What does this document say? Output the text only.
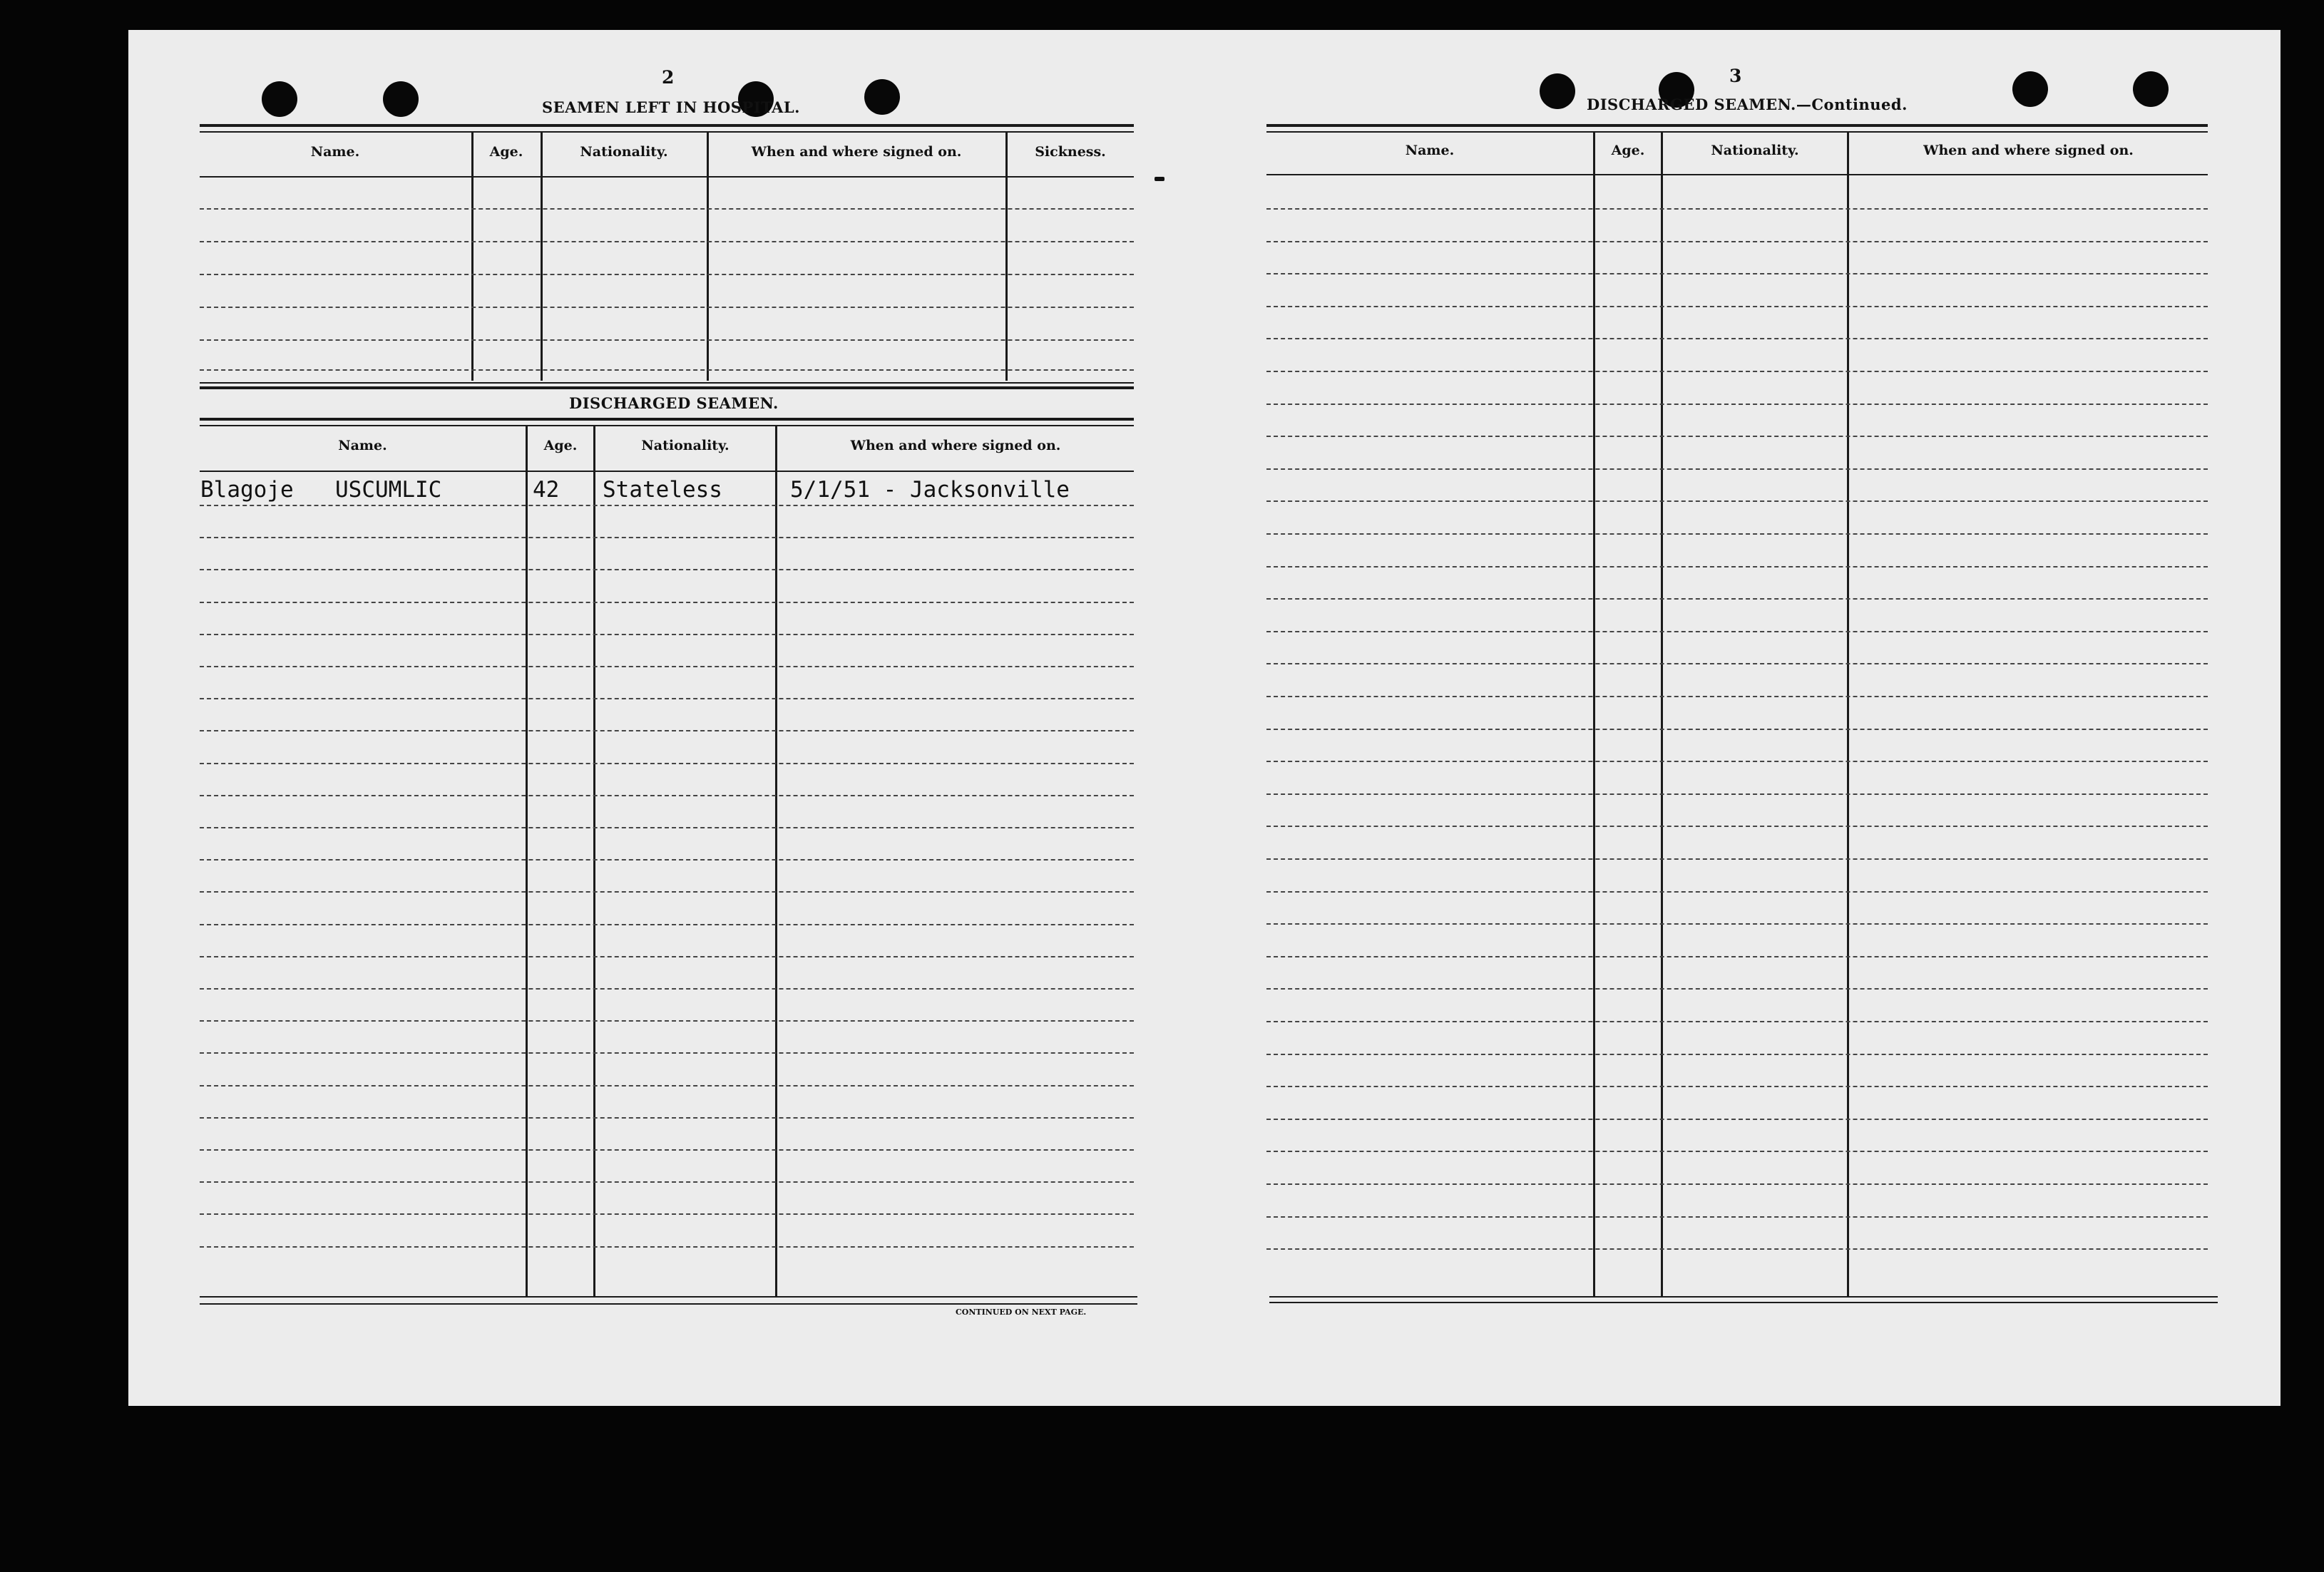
2
SEAMEN LEFT IN HOSPITAL.
Name.	Age.	Nationality.	When and where signed on.	Sickness.
DISCHARGED SEAMEN.
Name.	Age.	Nationality.	When and where signed on.
Blagoje USCUMLIC	42 Stateless	5/1/51 - Jacksonville
CONTINUED ON NEXT PAGE.
3
DISCHARGED SEAMEN.—Continued.
Name.	Age.	Nationality.	When and where signed on.
